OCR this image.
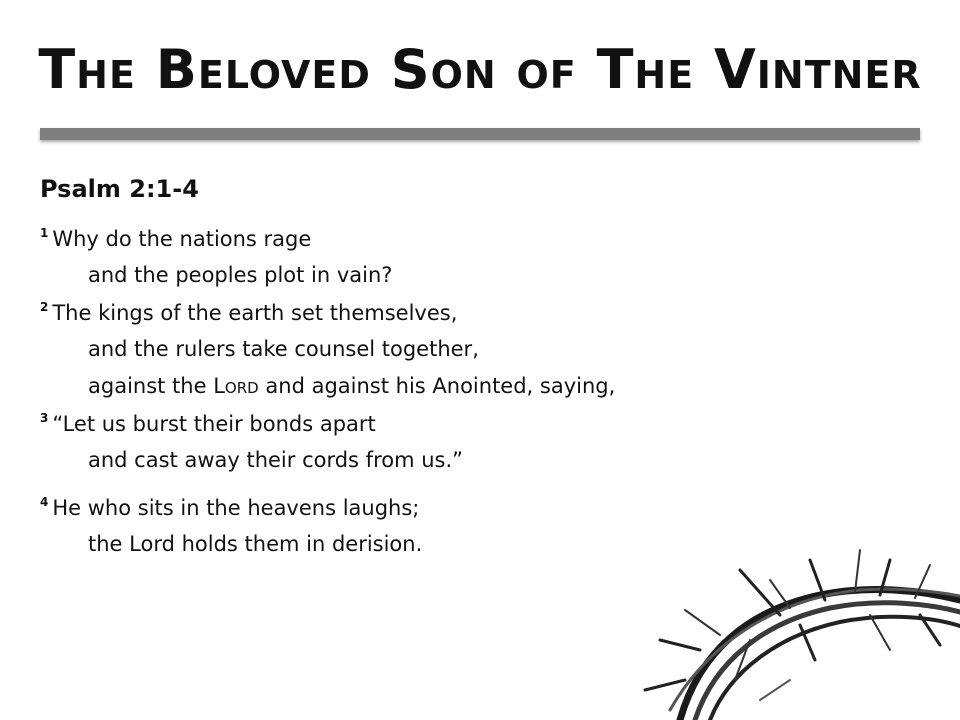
The Beloved Son of The Vintner
Psalm 2:1-4
$^1$ Why do the nations rage
and the peoples plot in vain?
$^2$ The kings of the earth set themselves,
and the rulers take counsel together,
against the Lord and against his Anointed, saying,
$^3$ “Let us burst their bonds apart
and cast away their cords from us.”
$^4$ He who sits in the heavens laughs;
the Lord holds them in derision.
